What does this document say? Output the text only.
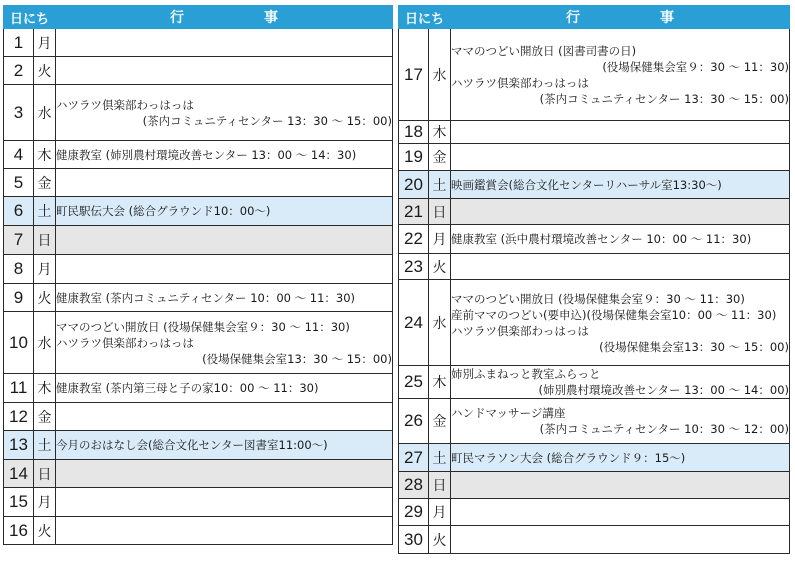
日にち		行 事
1	月	
2	火	
3	水	ハツラツ倶楽部わっはっは
(茶内コミュニティセンター 13：30 ～ 15：00)

4	木	健康教室 (姉別農村環境改善センター 13：00 ～ 14：30)

5	金	
6	土	町民駅伝大会 (総合グラウンド10：00～)

7	日	
8	月	
9	火	健康教室 (茶内コミュニティセンター 10：00 ～ 11：30)

10	水	ママのつどい開放日 (役場保健集会室９：30 ～ 11：30)
ハツラツ倶楽部わっはっは
(役場保健集会室13：30 ～ 15：00)

11	木	健康教室 (茶内第三母と子の家10：00 ～ 11：30)

12	金	
13	土	今月のおはなし会(総合文化センター図書室11:00～)

14	日	
15	月	
16	火	
日にち		行 事
17	水	ママのつどい開放日 (図書司書の日)
(役場保健集会室９：30 ～ 11：30)
ハツラツ倶楽部わっはっは
(茶内コミュニティセンター 13：30 ～ 15：00)

18	木	
19	金	
20	土	映画鑑賞会(総合文化センターリハーサル室13:30～)

21	日	
22	月	健康教室 (浜中農村環境改善センター 10：00 ～ 11：30)

23	火	
24	水	ママのつどい開放日 (役場保健集会室９：30 ～ 11：30)
産前ママのつどい(要申込)(役場保健集会室10：00 ～ 11：30)
ハツラツ倶楽部わっはっは
(役場保健集会室13：30 ～ 15：00)

25	木	姉別ふまねっと教室ふらっと
(姉別農村環境改善センター 13：00 ～ 14：00)

26	金	ハンドマッサージ講座
(茶内コミュニティセンター 10：30 ～ 12：00)

27	土	町民マラソン大会 (総合グラウンド９：15～)

28	日	
29	月	
30	火	
